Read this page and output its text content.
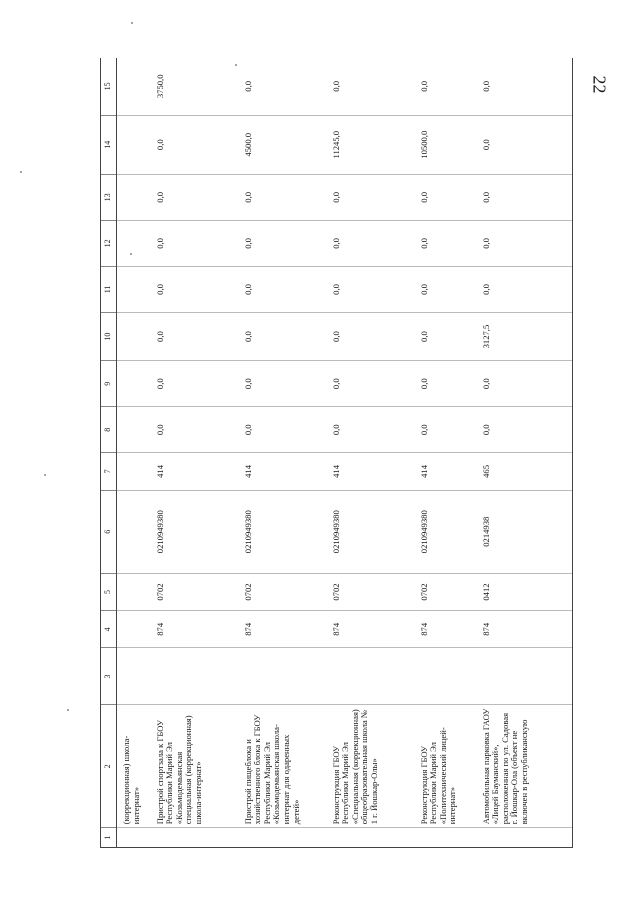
22
1	2	3	4	5	6	7	8	9	10	11	12	13	14	15
	(коррекционная) школа-интернат»													
	Пристрой спортзала к ГБОУ Республики Марий Эл «Козьмодемьянская специальная (коррекционная) школа-интернат»		874	0702	0210949380	414	0,0	0,0	0,0	0,0	0,0	0,0	0,0	3750,0
	Пристрой пищеблока и хозяйственного блока к ГБОУ Республики Марий Эл «Козьмодемьянская школа-интернат для одаренных детей»		874	0702	0210949380	414	0,0	0,0	0,0	0,0	0,0	0,0	4500,0	0,0
	Реконструкция ГБОУ Республики Марий Эл «Специальная (коррекционная) общеобразовательная школа № 1 г. Йошкар-Олы»		874	0702	0210949380	414	0,0	0,0	0,0	0,0	0,0	0,0	11245,0	0,0
	Реконструкция ГБОУ Республики Марий Эл «Политехнический лицей-интернат»		874	0702	0210949380	414	0,0	0,0	0,0	0,0	0,0	0,0	10500,0	0,0
	Автомобильная парковка ГАОУ «Лицей Бауманский», расположенная по ул. Садовая г. Йошкар-Ола (объект не включен в республиканскую		874	0412	0214938	465	0,0	0,0	3127,5	0,0	0,0	0,0	0,0	0,0
